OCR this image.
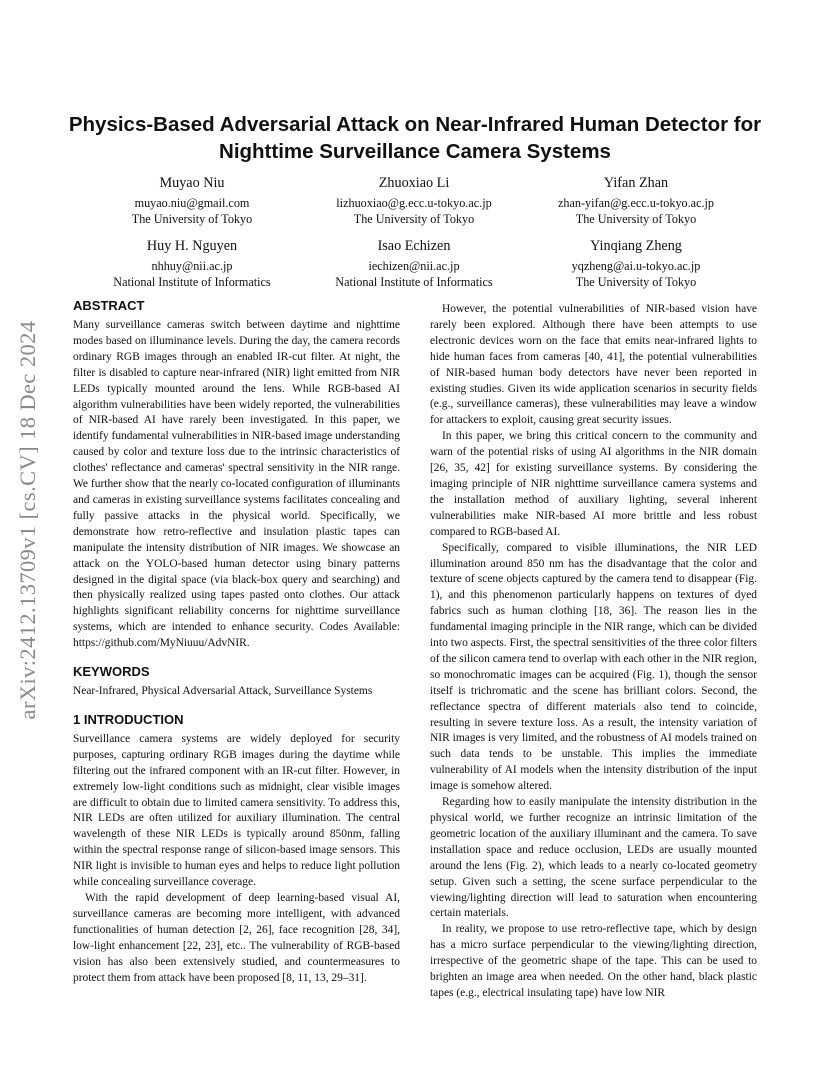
arXiv:2412.13709v1 [cs.CV] 18 Dec 2024
Physics-Based Adversarial Attack on Near-Infrared Human Detector for Nighttime Surveillance Camera Systems
Muyao Niu
muyao.niu@gmail.com
The University of Tokyo
Zhuoxiao Li
lizhuoxiao@g.ecc.u-tokyo.ac.jp
The University of Tokyo
Yifan Zhan
zhan-yifan@g.ecc.u-tokyo.ac.jp
The University of Tokyo
Huy H. Nguyen
nhhuy@nii.ac.jp
National Institute of Informatics
Isao Echizen
iechizen@nii.ac.jp
National Institute of Informatics
Yinqiang Zheng
yqzheng@ai.u-tokyo.ac.jp
The University of Tokyo
ABSTRACT

Many surveillance cameras switch between daytime and nighttime modes based on illuminance levels. During the day, the camera records ordinary RGB images through an enabled IR-cut filter. At night, the filter is disabled to capture near-infrared (NIR) light emitted from NIR LEDs typically mounted around the lens. While RGB-based AI algorithm vulnerabilities have been widely reported, the vulnerabilities of NIR-based AI have rarely been investigated. In this paper, we identify fundamental vulnerabilities in NIR-based image understanding caused by color and texture loss due to the intrinsic characteristics of clothes' reflectance and cameras' spectral sensitivity in the NIR range. We further show that the nearly co-located configuration of illuminants and cameras in existing surveillance systems facilitates concealing and fully passive attacks in the physical world. Specifically, we demonstrate how retro-reflective and insulation plastic tapes can manipulate the intensity distribution of NIR images. We showcase an attack on the YOLO-based human detector using binary patterns designed in the digital space (via black-box query and searching) and then physically realized using tapes pasted onto clothes. Our attack highlights significant reliability concerns for nighttime surveillance systems, which are intended to enhance security. Codes Available: https://github.com/MyNiuuu/AdvNIR.

KEYWORDS

Near-Infrared, Physical Adversarial Attack, Surveillance Systems

1 INTRODUCTION

Surveillance camera systems are widely deployed for security purposes, capturing ordinary RGB images during the daytime while filtering out the infrared component with an IR-cut filter. However, in extremely low-light conditions such as midnight, clear visible images are difficult to obtain due to limited camera sensitivity. To address this, NIR LEDs are often utilized for auxiliary illumination. The central wavelength of these NIR LEDs is typically around 850nm, falling within the spectral response range of silicon-based image sensors. This NIR light is invisible to human eyes and helps to reduce light pollution while concealing surveillance coverage.

With the rapid development of deep learning-based visual AI, surveillance cameras are becoming more intelligent, with advanced functionalities of human detection [2, 26], face recognition [28, 34], low-light enhancement [22, 23], etc.. The vulnerability of RGB-based vision has also been extensively studied, and countermeasures to protect them from attack have been proposed [8, 11, 13, 29–31].

However, the potential vulnerabilities of NIR-based vision have rarely been explored. Although there have been attempts to use electronic devices worn on the face that emits near-infrared lights to hide human faces from cameras [40, 41], the potential vulnerabilities of NIR-based human body detectors have never been reported in existing studies. Given its wide application scenarios in security fields (e.g., surveillance cameras), these vulnerabilities may leave a window for attackers to exploit, causing great security issues.

In this paper, we bring this critical concern to the community and warn of the potential risks of using AI algorithms in the NIR domain [26, 35, 42] for existing surveillance systems. By considering the imaging principle of NIR nighttime surveillance camera systems and the installation method of auxiliary lighting, several inherent vulnerabilities make NIR-based AI more brittle and less robust compared to RGB-based AI.

Specifically, compared to visible illuminations, the NIR LED illumination around 850 nm has the disadvantage that the color and texture of scene objects captured by the camera tend to disappear (Fig. 1), and this phenomenon particularly happens on textures of dyed fabrics such as human clothing [18, 36]. The reason lies in the fundamental imaging principle in the NIR range, which can be divided into two aspects. First, the spectral sensitivities of the three color filters of the silicon camera tend to overlap with each other in the NIR region, so monochromatic images can be acquired (Fig. 1), though the sensor itself is trichromatic and the scene has brilliant colors. Second, the reflectance spectra of different materials also tend to coincide, resulting in severe texture loss. As a result, the intensity variation of NIR images is very limited, and the robustness of AI models trained on such data tends to be unstable. This implies the immediate vulnerability of AI models when the intensity distribution of the input image is somehow altered.

Regarding how to easily manipulate the intensity distribution in the physical world, we further recognize an intrinsic limitation of the geometric location of the auxiliary illuminant and the camera. To save installation space and reduce occlusion, LEDs are usually mounted around the lens (Fig. 2), which leads to a nearly co-located geometry setup. Given such a setting, the scene surface perpendicular to the viewing/lighting direction will lead to saturation when encountering certain materials.

In reality, we propose to use retro-reflective tape, which by design has a micro surface perpendicular to the viewing/lighting direction, irrespective of the geometric shape of the tape. This can be used to brighten an image area when needed. On the other hand, black plastic tapes (e.g., electrical insulating tape) have low NIR
